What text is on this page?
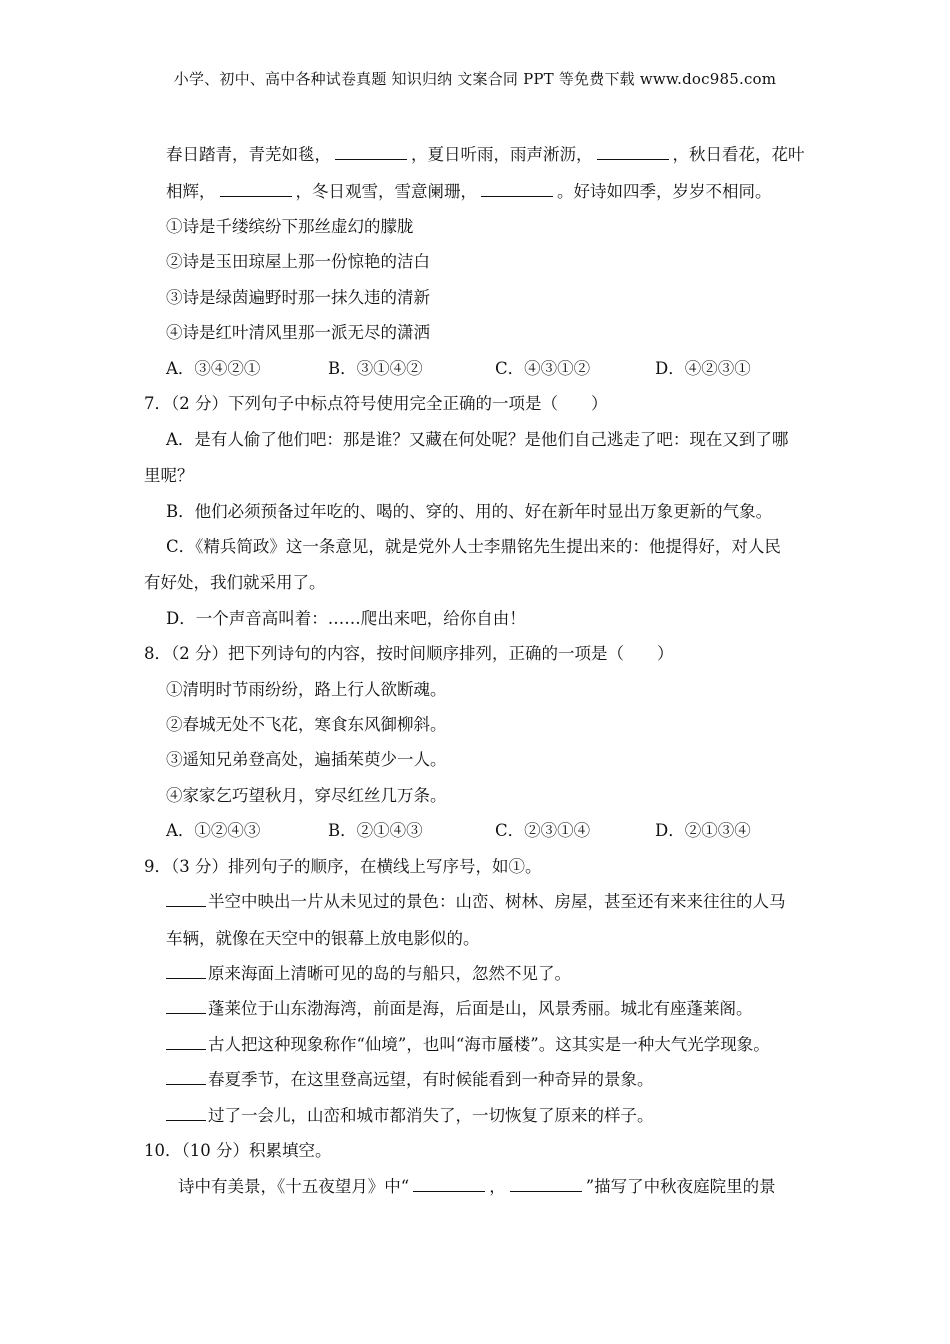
小学、初中、高中各种试卷真题 知识归纳 文案合同 PPT 等免费下载 www.doc985.com
春日踏青，青芜如毯，	，夏日听雨，雨声淅沥，	，秋日看花，花叶
相辉，	，冬日观雪，雪意阑珊，	。好诗如四季，岁岁不相同。
①诗是千缕缤纷下那丝虚幻的朦胧
②诗是玉田琼屋上那一份惊艳的洁白
③诗是绿茵遍野时那一抹久违的清新
④诗是红叶清风里那一派无尽的潇洒
A．③④②①	B．③①④②	C．④③①②	D．④②③①
7．（2 分）下列句子中标点符号使用完全正确的一项是（　　）
A．是有人偷了他们吧：那是谁？又藏在何处呢？是他们自己逃走了吧：现在又到了哪
里呢？
B．他们必须预备过年吃的、喝的、穿的、用的、好在新年时显出万象更新的气象。
C．《精兵简政》这一条意见，就是党外人士李鼎铭先生提出来的：他提得好，对人民
有好处，我们就采用了。
D．一个声音高叫着：……爬出来吧，给你自由！
8．（2 分）把下列诗句的内容，按时间顺序排列，正确的一项是（　　）
①清明时节雨纷纷，路上行人欲断魂。
②春城无处不飞花，寒食东风御柳斜。
③遥知兄弟登高处，遍插茱萸少一人。
④家家乞巧望秋月，穿尽红丝几万条。
A．①②④③	B．②①④③	C．②③①④	D．②①③④
9．（3 分）排列句子的顺序，在横线上写序号，如①。
半空中映出一片从未见过的景色：山峦、树林、房屋，甚至还有来来往往的人马
车辆，就像在天空中的银幕上放电影似的。
原来海面上清晰可见的岛的与船只，忽然不见了。
蓬莱位于山东渤海湾，前面是海，后面是山，风景秀丽。城北有座蓬莱阁。
古人把这种现象称作“仙境”，也叫“海市蜃楼”。这其实是一种大气光学现象。
春夏季节，在这里登高远望，有时候能看到一种奇异的景象。
过了一会儿，山峦和城市都消失了，一切恢复了原来的样子。
10．（10 分）积累填空。
诗中有美景，《十五夜望月》中“	，	”描写了中秋夜庭院里的景
